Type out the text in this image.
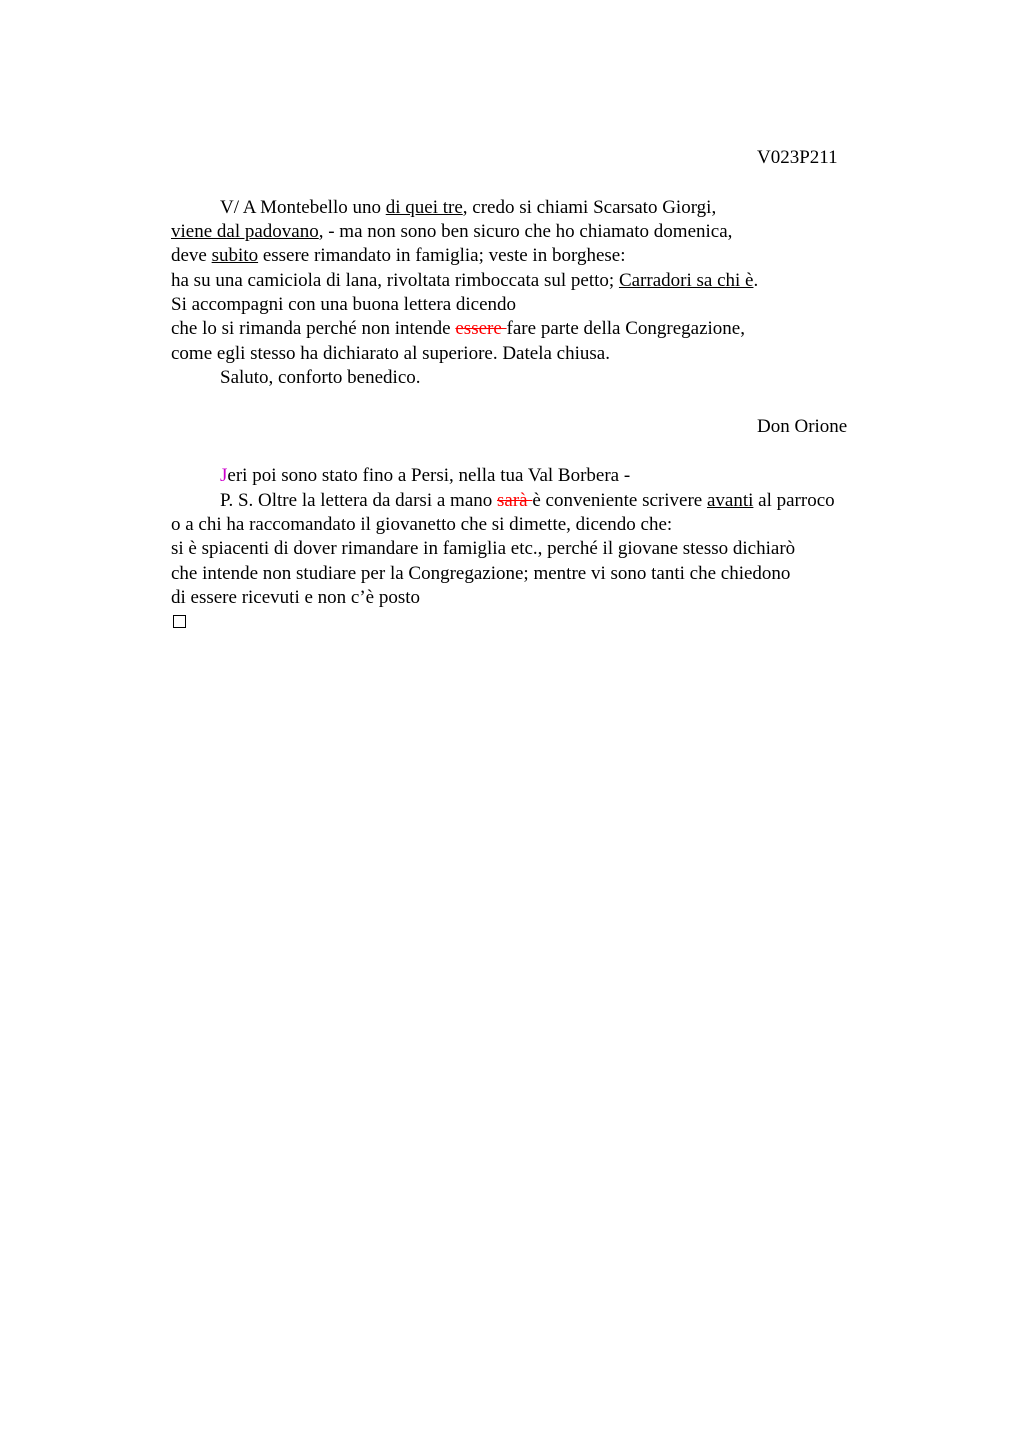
V023P211
V/ A Montebello uno di quei tre, credo si chiami Scarsato Giorgi,
viene dal padovano, - ma non sono ben sicuro che ho chiamato domenica,
deve subito essere rimandato in famiglia; veste in borghese:
ha su una camiciola di lana, rivoltata rimboccata sul petto; Carradori sa chi è.
Si accompagni con una buona lettera dicendo
che lo si rimanda perché non intende essere fare parte della Congregazione,
come egli stesso ha dichiarato al superiore. Datela chiusa.
Saluto, conforto benedico.
Don Orione
Jeri poi sono stato fino a Persi, nella tua Val Borbera -
P. S. Oltre la lettera da darsi a mano sarà è conveniente scrivere avanti al parroco
o a chi ha raccomandato il giovanetto che si dimette, dicendo che:
si è spiacenti di dover rimandare in famiglia etc., perché il giovane stesso dichiarò
che intende non studiare per la Congregazione; mentre vi sono tanti che chiedono
di essere ricevuti e non c’è posto
